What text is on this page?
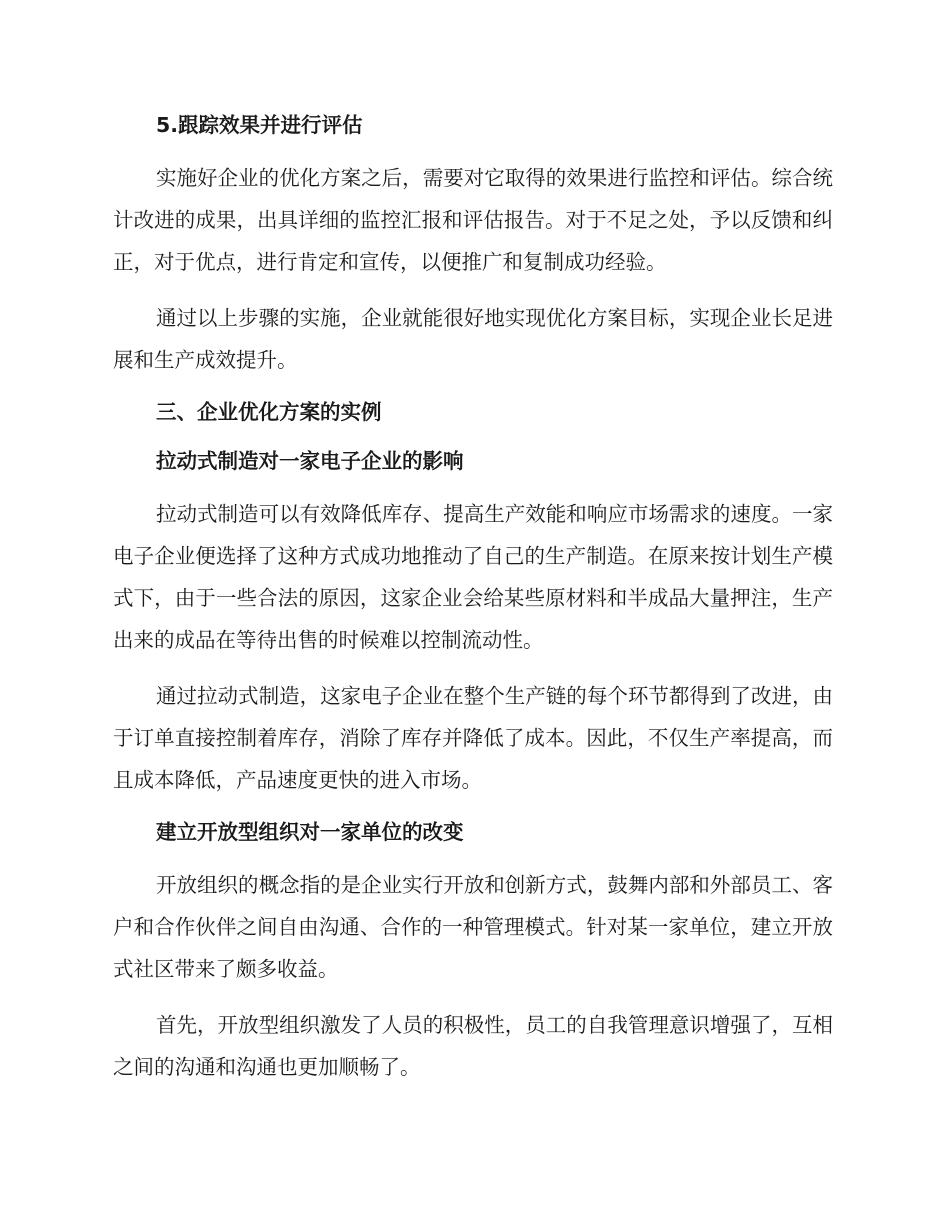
5.跟踪效果并进行评估

实施好企业的优化方案之后，需要对它取得的效果进行监控和评估。综合统计改进的成果，出具详细的监控汇报和评估报告。对于不足之处，予以反馈和纠正，对于优点，进行肯定和宣传，以便推广和复制成功经验。

通过以上步骤的实施，企业就能很好地实现优化方案目标，实现企业长足进展和生产成效提升。

三、企业优化方案的实例
拉动式制造对一家电子企业的影响

拉动式制造可以有效降低库存、提高生产效能和响应市场需求的速度。一家电子企业便选择了这种方式成功地推动了自己的生产制造。在原来按计划生产模式下，由于一些合法的原因，这家企业会给某些原材料和半成品大量押注，生产出来的成品在等待出售的时候难以控制流动性。

通过拉动式制造，这家电子企业在整个生产链的每个环节都得到了改进，由于订单直接控制着库存，消除了库存并降低了成本。因此，不仅生产率提高，而且成本降低，产品速度更快的进入市场。

建立开放型组织对一家单位的改变

开放组织的概念指的是企业实行开放和创新方式，鼓舞内部和外部员工、客户和合作伙伴之间自由沟通、合作的一种管理模式。针对某一家单位，建立开放式社区带来了颇多收益。

首先，开放型组织激发了人员的积极性，员工的自我管理意识增强了，互相之间的沟通和沟通也更加顺畅了。
